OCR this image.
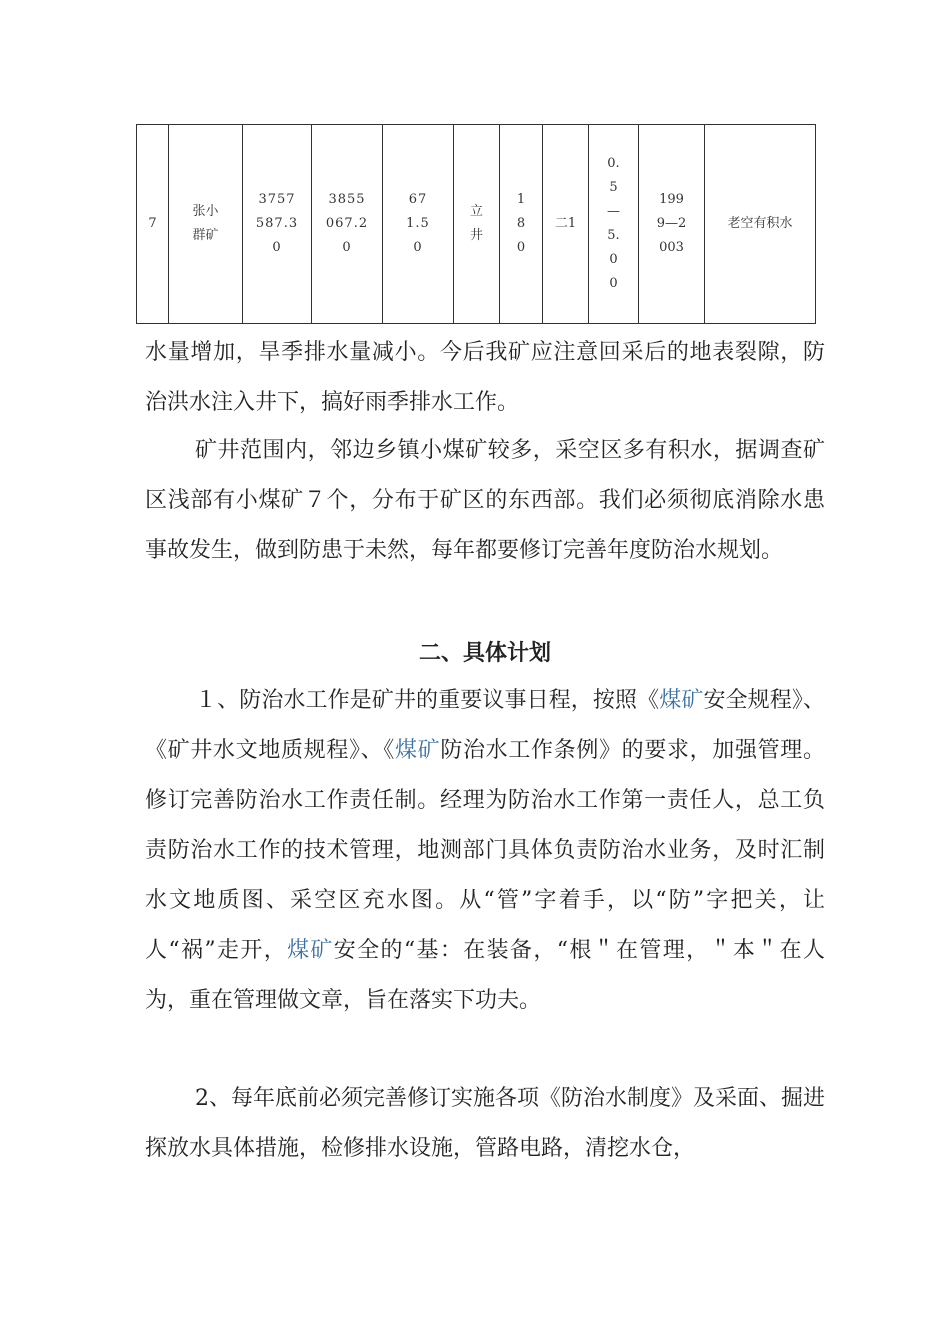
7	张小群矿	3757587.30	3855067.20	671.50	立井	180	二1	0.5—5.00	1999—2003	老空有积水

水量增加，旱季排水量减小。今后我矿应注意回采后的地表裂隙，防治洪水注入井下，搞好雨季排水工作。

矿井范围内，邻边乡镇小煤矿较多，采空区多有积水，据调查矿区浅部有小煤矿７个，分布于矿区的东西部。我们必须彻底消除水患事故发生，做到防患于未然，每年都要修订完善年度防治水规划。

二、具体计划

１、防治水工作是矿井的重要议事日程，按照《煤矿安全规程》、《矿井水文地质规程》、《煤矿防治水工作条例》的要求，加强管理。修订完善防治水工作责任制。经理为防治水工作第一责任人，总工负责防治水工作的技术管理，地测部门具体负责防治水业务，及时汇制水文地质图、采空区充水图。从“管”字着手，以“防”字把关，让人“祸”走开，煤矿安全的“基：在装备，“根＂在管理，＂本＂在人为，重在管理做文章，旨在落实下功夫。

2、每年底前必须完善修订实施各项《防治水制度》及采面、掘进探放水具体措施，检修排水设施，管路电路，清挖水仓，
